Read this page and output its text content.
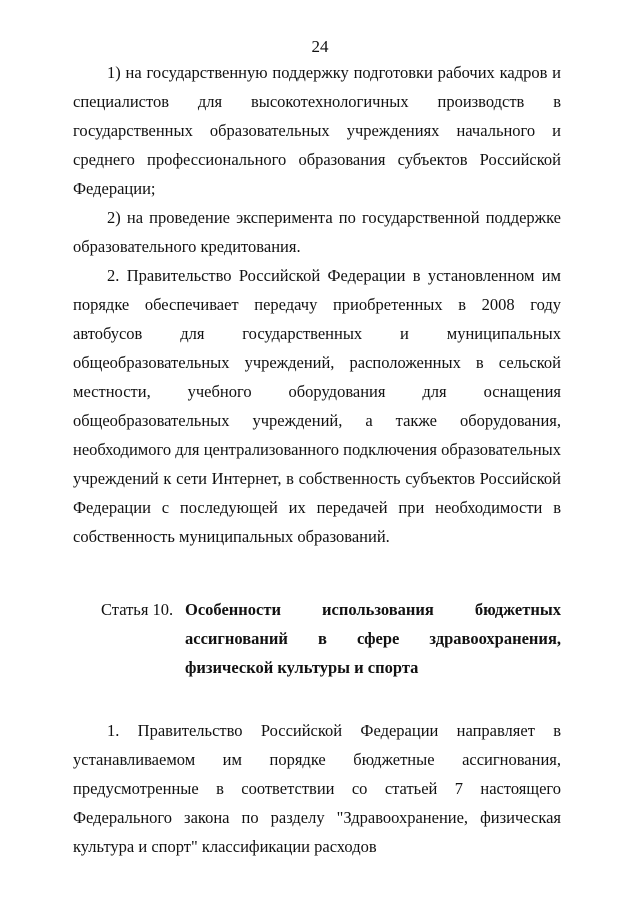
24

1) на государственную поддержку подготовки рабочих кадров и специалистов для высокотехнологичных производств в государственных образовательных учреждениях начального и среднего профессионального образования субъектов Российской Федерации;

2) на проведение эксперимента по государственной поддержке образовательного кредитования.

2. Правительство Российской Федерации в установленном им порядке обеспечивает передачу приобретенных в 2008 году автобусов для государственных и муниципальных общеобразовательных учреждений, расположенных в сельской местности, учебного оборудования для оснащения общеобразовательных учреждений, а также оборудования, необходимого для централизованного подключения образовательных учреждений к сети Интернет, в собственность субъектов Российской Федерации с последующей их передачей при необходимости в собственность муниципальных образований.

Статья 10. Особенности использования бюджетных ассигнований в сфере здравоохранения, физической культуры и спорта

1. Правительство Российской Федерации направляет в устанавливаемом им порядке бюджетные ассигнования, предусмотренные в соответствии со статьей 7 настоящего Федерального закона по разделу "Здравоохранение, физическая культура и спорт" классификации расходов
